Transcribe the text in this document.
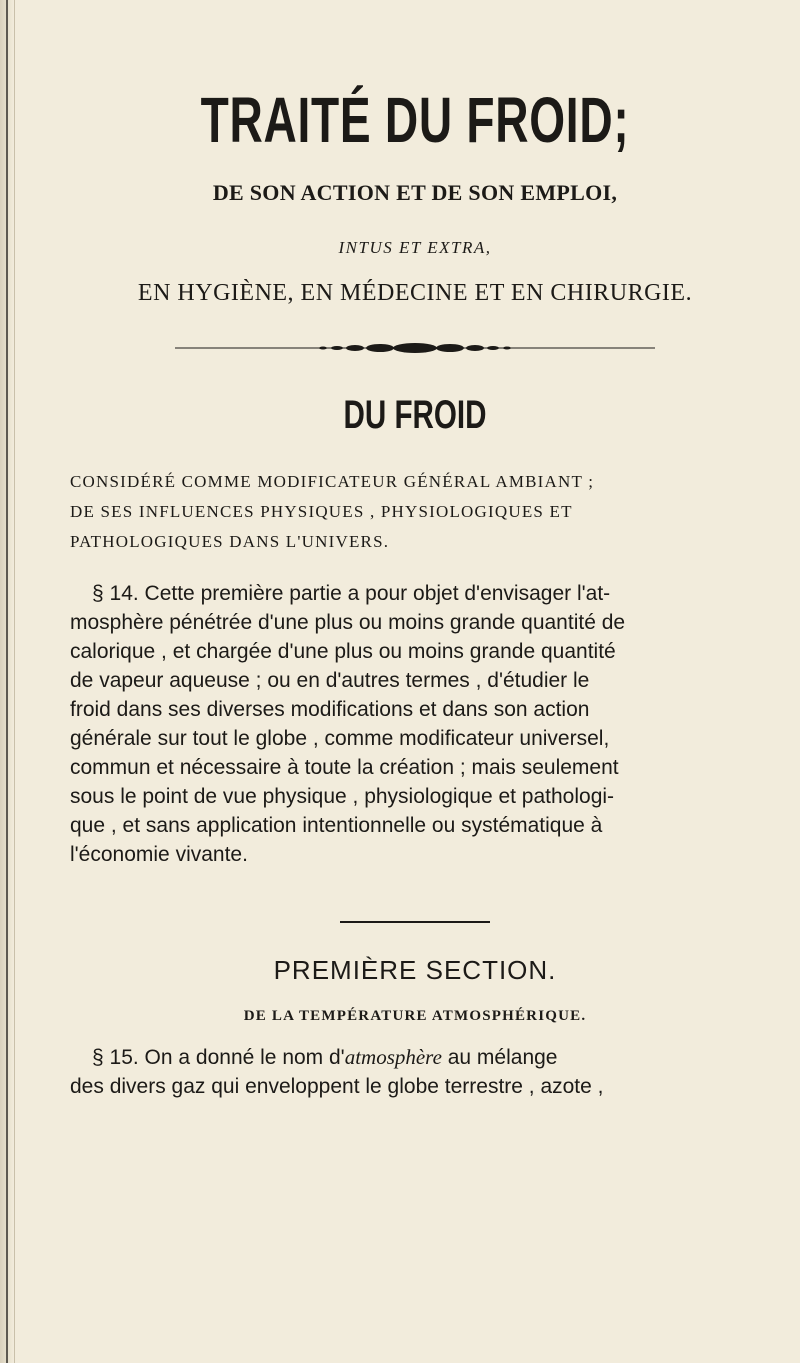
TRAITÉ DU FROID;
DE SON ACTION ET DE SON EMPLOI,
INTUS ET EXTRA,
EN HYGIÈNE, EN MÉDECINE ET EN CHIRURGIE.
DU FROID
CONSIDÉRÉ COMME MODIFICATEUR GÉNÉRAL AMBIANT ;
DE SES INFLUENCES PHYSIQUES , PHYSIOLOGIQUES ET
PATHOLOGIQUES DANS L'UNIVERS.
§ 14. Cette première partie a pour objet d'envisager l'at-
mosphère pénétrée d'une plus ou moins grande quantité de
calorique , et chargée d'une plus ou moins grande quantité
de vapeur aqueuse ; ou en d'autres termes , d'étudier le
froid dans ses diverses modifications et dans son action
générale sur tout le globe , comme modificateur universel,
commun et nécessaire à toute la création ; mais seulement
sous le point de vue physique , physiologique et pathologi-
que , et sans application intentionnelle ou systématique à
l'économie vivante.
PREMIÈRE SECTION.
DE LA TEMPÉRATURE ATMOSPHÉRIQUE.
§ 15. On a donné le nom d'atmosphère au mélange
des divers gaz qui enveloppent le globe terrestre , azote ,
